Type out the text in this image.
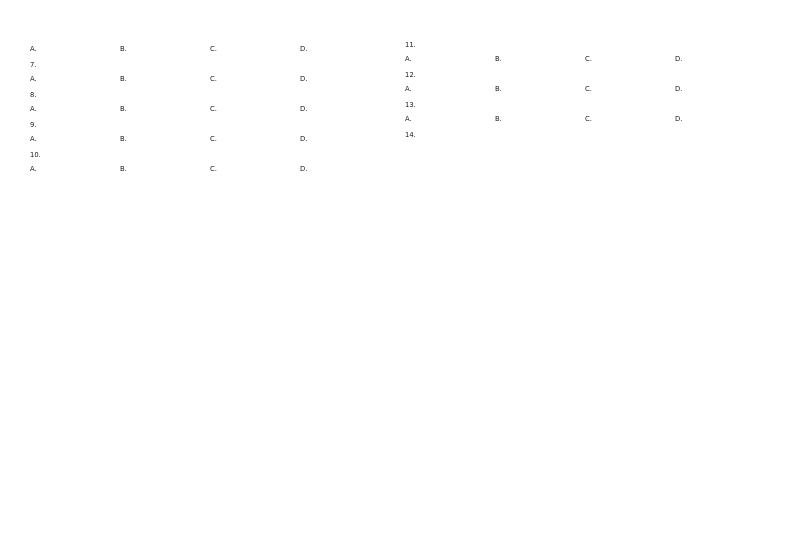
A.	B.	C.	D.
7.
A.	B.	C.	D.
8.
A.	B.	C.	D.
9.
A.	B.	C.	D.
10.
A.	B.	C.	D.
11.
A.	B.	C.	D.
12.
A.	B.	C.	D.
13.
A.	B.	C.	D.
14.
